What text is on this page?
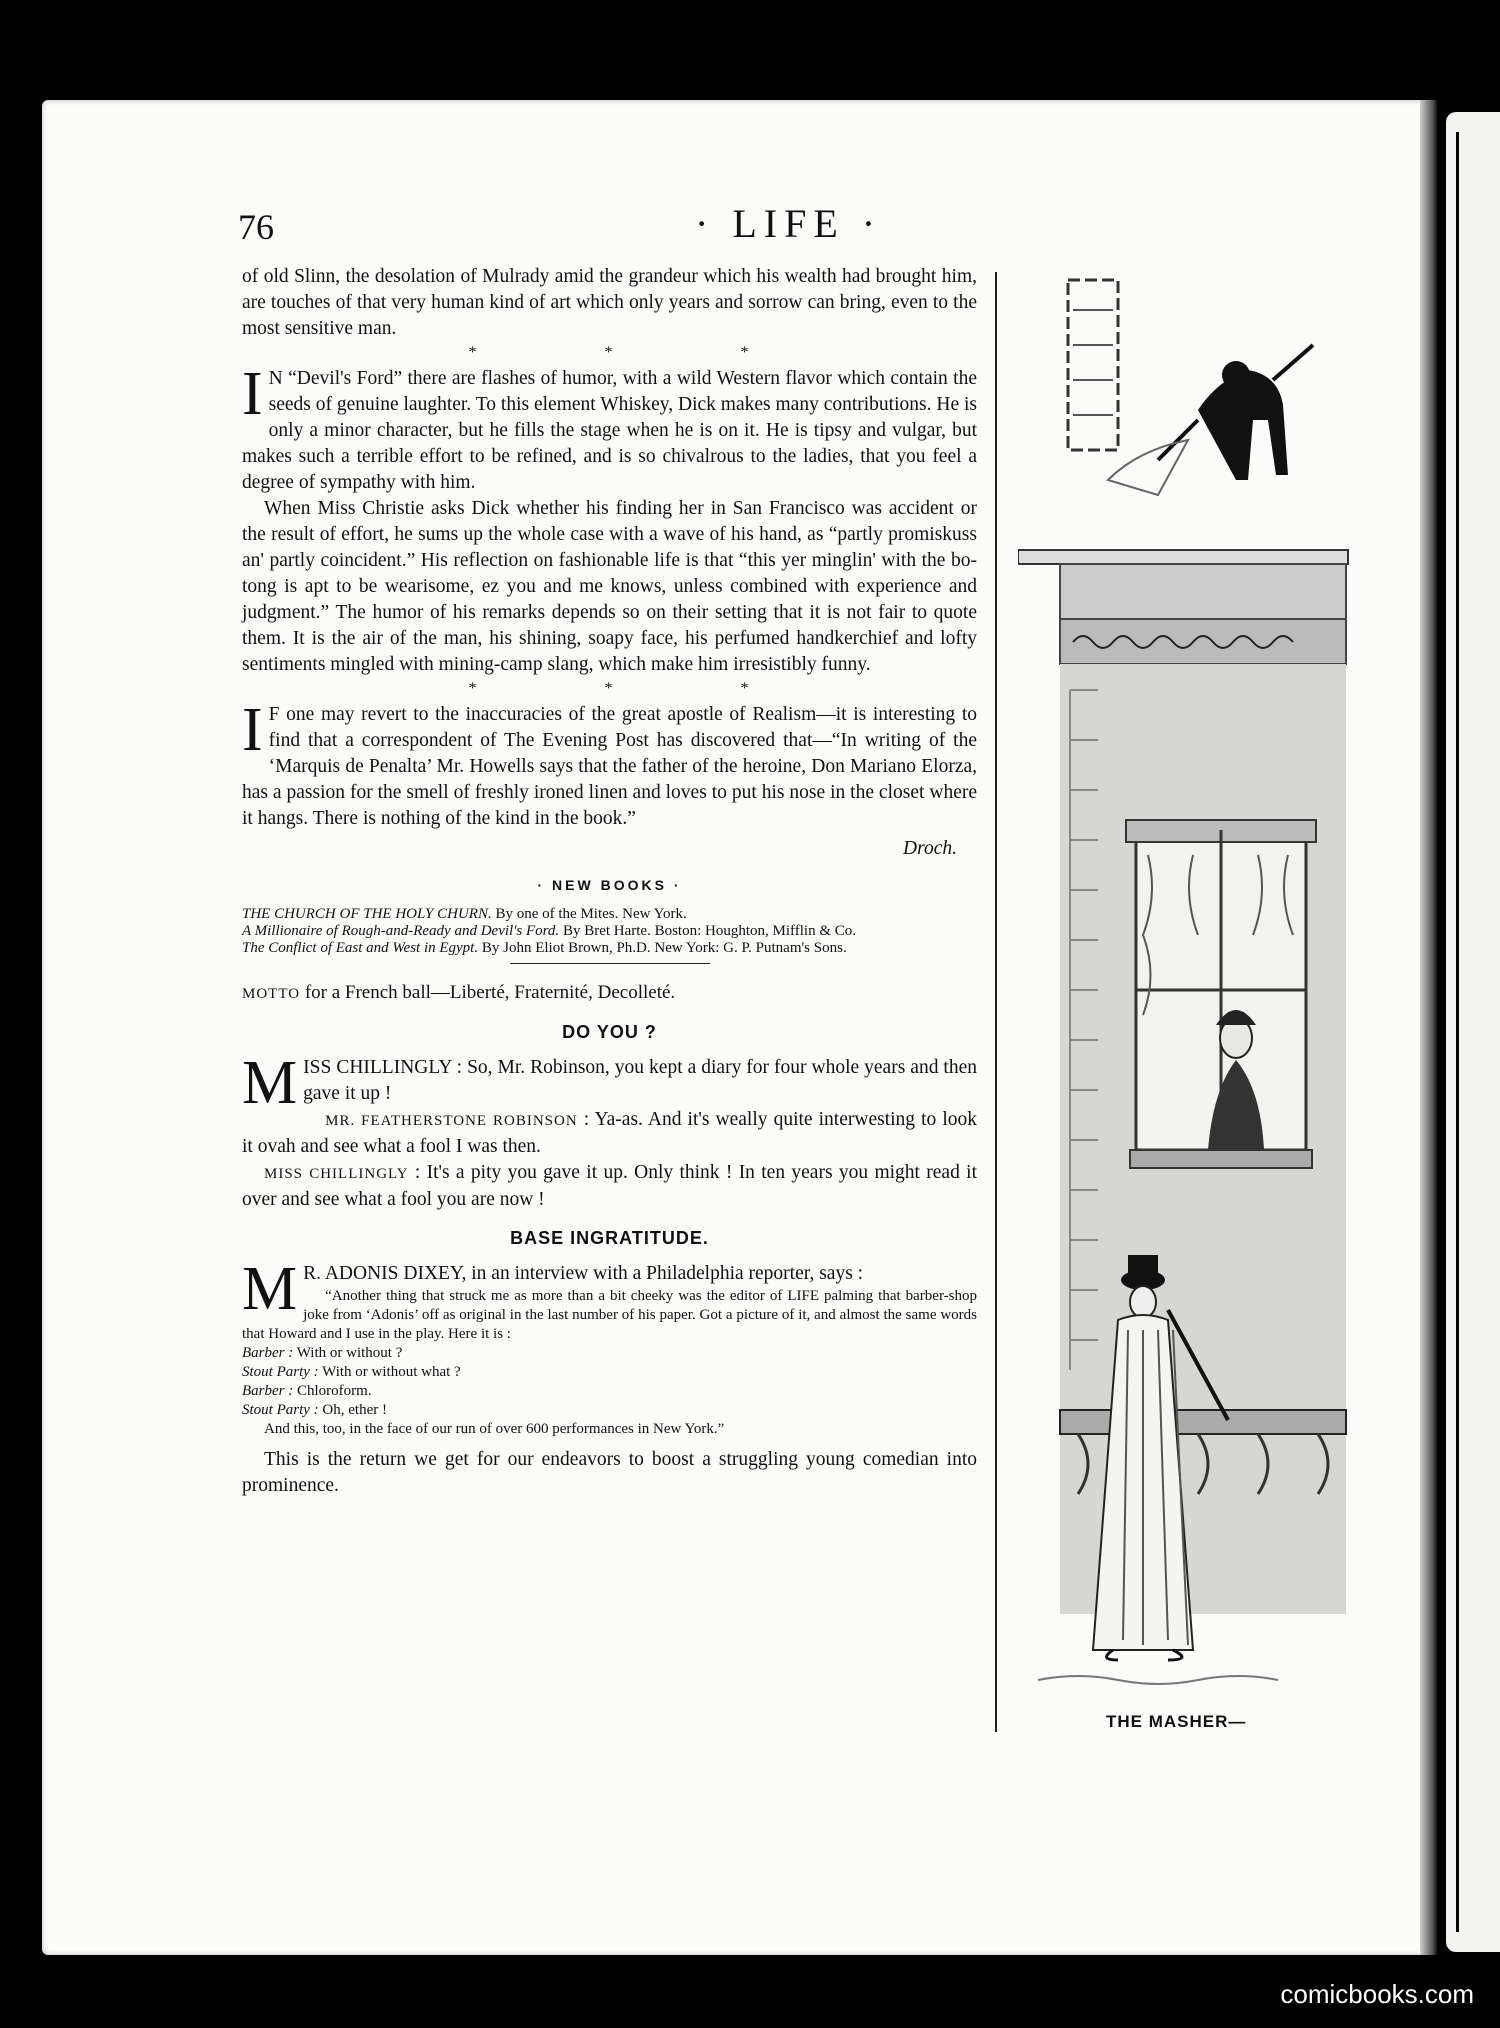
76	· LIFE ·

of old Slinn, the desolation of Mulrady amid the grandeur which his wealth had brought him, are touches of that very human kind of art which only years and sorrow can bring, even to the most sensitive man.

* * *

I N “Devil's Ford” there are flashes of humor, with a wild Western flavor which contain the seeds of genuine laughter. To this element Whiskey, Dick makes many contributions. He is only a minor character, but he fills the stage when he is on it. He is tipsy and vulgar, but makes such a terrible effort to be refined, and is so chivalrous to the ladies, that you feel a degree of sympathy with him.

When Miss Christie asks Dick whether his finding her in San Francisco was accident or the result of effort, he sums up the whole case with a wave of his hand, as “partly promiskuss an' partly coincident.” His reflection on fashionable life is that “this yer minglin' with the bo-tong is apt to be wearisome, ez you and me knows, unless combined with experience and judgment.” The humor of his remarks depends so on their setting that it is not fair to quote them. It is the air of the man, his shining, soapy face, his perfumed handkerchief and lofty sentiments mingled with mining-camp slang, which make him irresistibly funny.

* * *

I F one may revert to the inaccuracies of the great apostle of Realism—it is interesting to find that a correspondent of The Evening Post has discovered that—“In writing of the ‘Marquis de Penalta’ Mr. Howells says that the father of the heroine, Don Mariano Elorza, has a passion for the smell of freshly ironed linen and loves to put his nose in the closet where it hangs. There is nothing of the kind in the book.”

Droch.
· NEW BOOKS ·

THE CHURCH OF THE HOLY CHURN. By one of the Mites. New York.

A Millionaire of Rough-and-Ready and Devil's Ford. By Bret Harte. Boston: Houghton, Mifflin & Co.

The Conflict of East and West in Egypt. By John Eliot Brown, Ph.D. New York: G. P. Putnam's Sons.

MOTTO for a French ball—Liberté, Fraternité, Decolleté.

DO YOU ?

MISS CHILLINGLY : So, Mr. Robinson, you kept a diary for four whole years and then gave it up !

MR. FEATHERSTONE ROBINSON : Ya-as. And it's weally quite interwesting to look it ovah and see what a fool I was then.

MISS CHILLINGLY : It's a pity you gave it up. Only think ! In ten years you might read it over and see what a fool you are now !

BASE INGRATITUDE.

M R. ADONIS DIXEY, in an interview with a Philadelphia reporter, says :

“Another thing that struck me as more than a bit cheeky was the editor of LIFE palming that barber-shop joke from ‘Adonis’ off as original in the last number of his paper. Got a picture of it, and almost the same words that Howard and I use in the play. Here it is :

Barber : With or without ?

Stout Party : With or without what ?

Barber : Chloroform.

Stout Party : Oh, ether !

And this, too, in the face of our run of over 600 performances in New York.”

This is the return we get for our endeavors to boost a struggling young comedian into prominence.

THE MASHER—
comicbooks.com
